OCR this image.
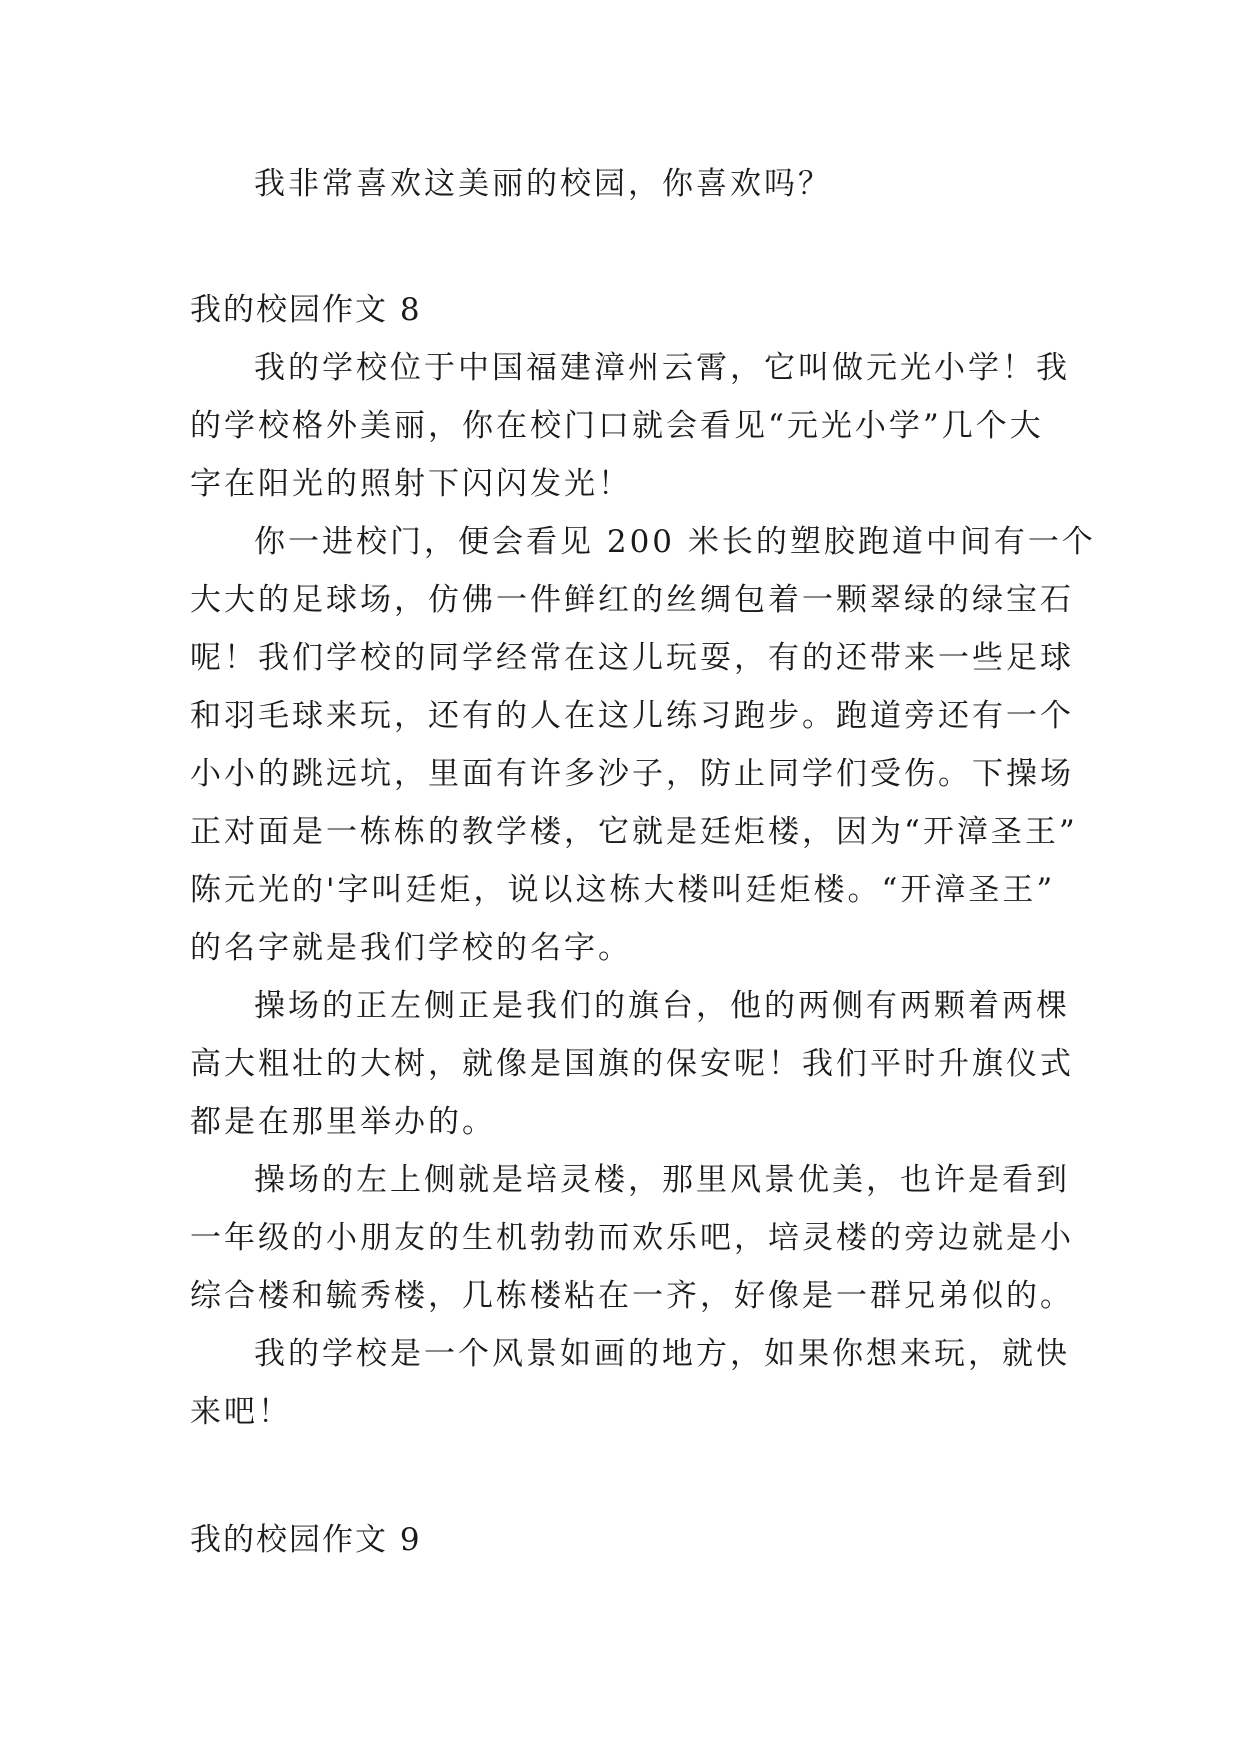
我非常喜欢这美丽的校园，你喜欢吗？
我的校园作文 8
我的学校位于中国福建漳州云霄，它叫做元光小学！我
的学校格外美丽，你在校门口就会看见“元光小学”几个大
字在阳光的照射下闪闪发光！
你一进校门，便会看见 200 米长的塑胶跑道中间有一个
大大的足球场，仿佛一件鲜红的丝绸包着一颗翠绿的绿宝石
呢！我们学校的同学经常在这儿玩耍，有的还带来一些足球
和羽毛球来玩，还有的人在这儿练习跑步。跑道旁还有一个
小小的跳远坑，里面有许多沙子，防止同学们受伤。下操场
正对面是一栋栋的教学楼，它就是廷炬楼，因为“开漳圣王”
陈元光的'字叫廷炬，说以这栋大楼叫廷炬楼。“开漳圣王”
的名字就是我们学校的名字。
操场的正左侧正是我们的旗台，他的两侧有两颗着两棵
高大粗壮的大树，就像是国旗的保安呢！我们平时升旗仪式
都是在那里举办的。
操场的左上侧就是培灵楼，那里风景优美，也许是看到
一年级的小朋友的生机勃勃而欢乐吧，培灵楼的旁边就是小
综合楼和毓秀楼，几栋楼粘在一齐，好像是一群兄弟似的。
我的学校是一个风景如画的地方，如果你想来玩，就快
来吧！
我的校园作文 9
